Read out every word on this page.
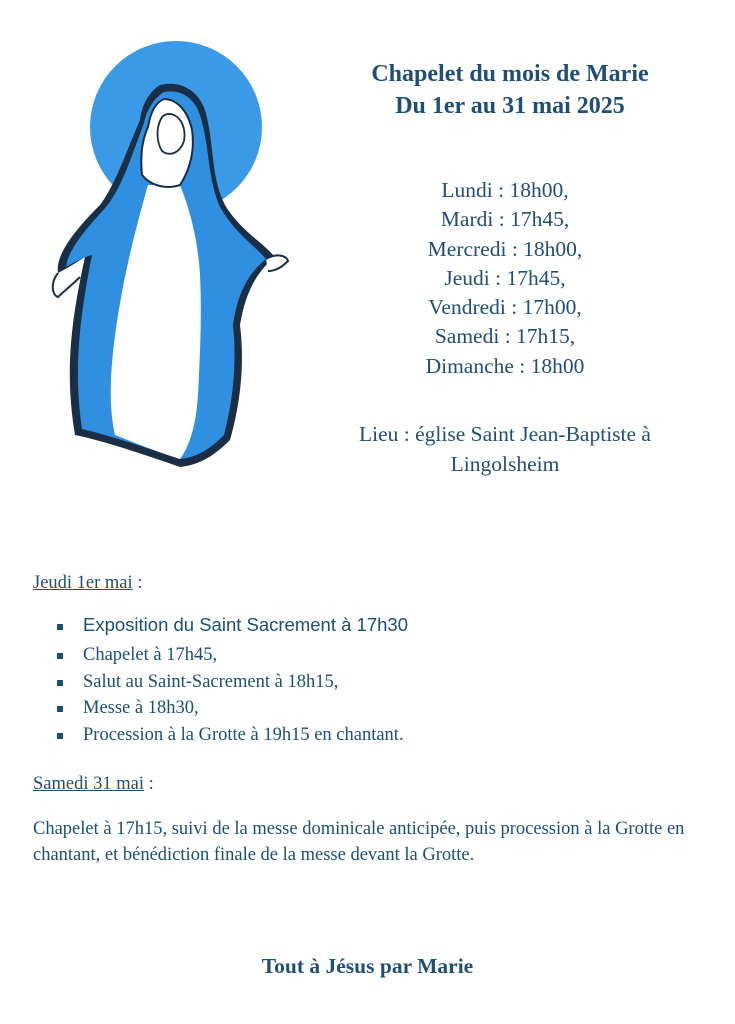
Chapelet du mois de Marie
Du 1er au 31 mai 2025
Lundi : 18h00,
Mardi : 17h45,
Mercredi : 18h00,
Jeudi : 17h45,
Vendredi : 17h00,
Samedi : 17h15,
Dimanche : 18h00
Lieu : église Saint Jean-Baptiste à
Lingolsheim
Jeudi 1er mai :
Exposition du Saint Sacrement à 17h30
Chapelet à 17h45,
Salut au Saint-Sacrement à 18h15,
Messe à 18h30,
Procession à la Grotte à 19h15 en chantant.
Samedi 31 mai :
Chapelet à 17h15, suivi de la messe dominicale anticipée, puis procession à la Grotte en chantant, et bénédiction finale de la messe devant la Grotte.
Tout à Jésus par Marie
